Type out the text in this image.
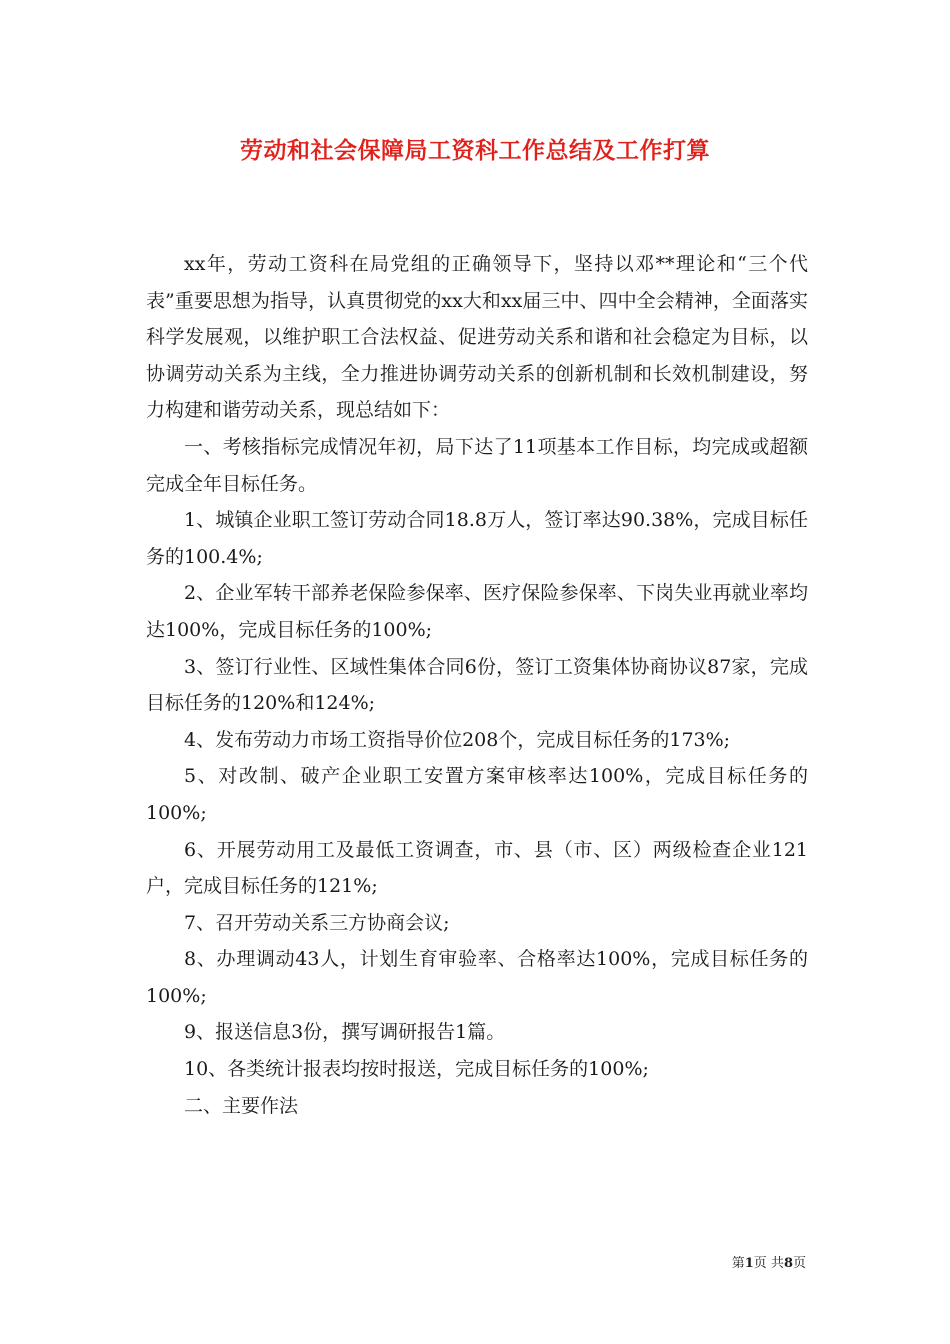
劳动和社会保障局工资科工作总结及工作打算

xx年，劳动工资科在局党组的正确领导下，坚持以邓**理论和“三个代表”重要思想为指导，认真贯彻党的xx大和xx届三中、四中全会精神，全面落实科学发展观，以维护职工合法权益、促进劳动关系和谐和社会稳定为目标，以协调劳动关系为主线，全力推进协调劳动关系的创新机制和长效机制建设，努力构建和谐劳动关系，现总结如下：

一、考核指标完成情况年初，局下达了11项基本工作目标，均完成或超额完成全年目标任务。

1、城镇企业职工签订劳动合同18.8万人，签订率达90.38%，完成目标任务的100.4%;

2、企业军转干部养老保险参保率、医疗保险参保率、下岗失业再就业率均达100%，完成目标任务的100%;

3、签订行业性、区域性集体合同6份，签订工资集体协商协议87家，完成目标任务的120%和124%;

4、发布劳动力市场工资指导价位208个，完成目标任务的173%;

5、对改制、破产企业职工安置方案审核率达100%，完成目标任务的100%;

6、开展劳动用工及最低工资调查，市、县（市、区）两级检查企业121户，完成目标任务的121%;

7、召开劳动关系三方协商会议;

8、办理调动43人，计划生育审验率、合格率达100%，完成目标任务的100%;

9、报送信息3份，撰写调研报告1篇。

10、各类统计报表均按时报送，完成目标任务的100%;

二、主要作法

第1页 共8页
